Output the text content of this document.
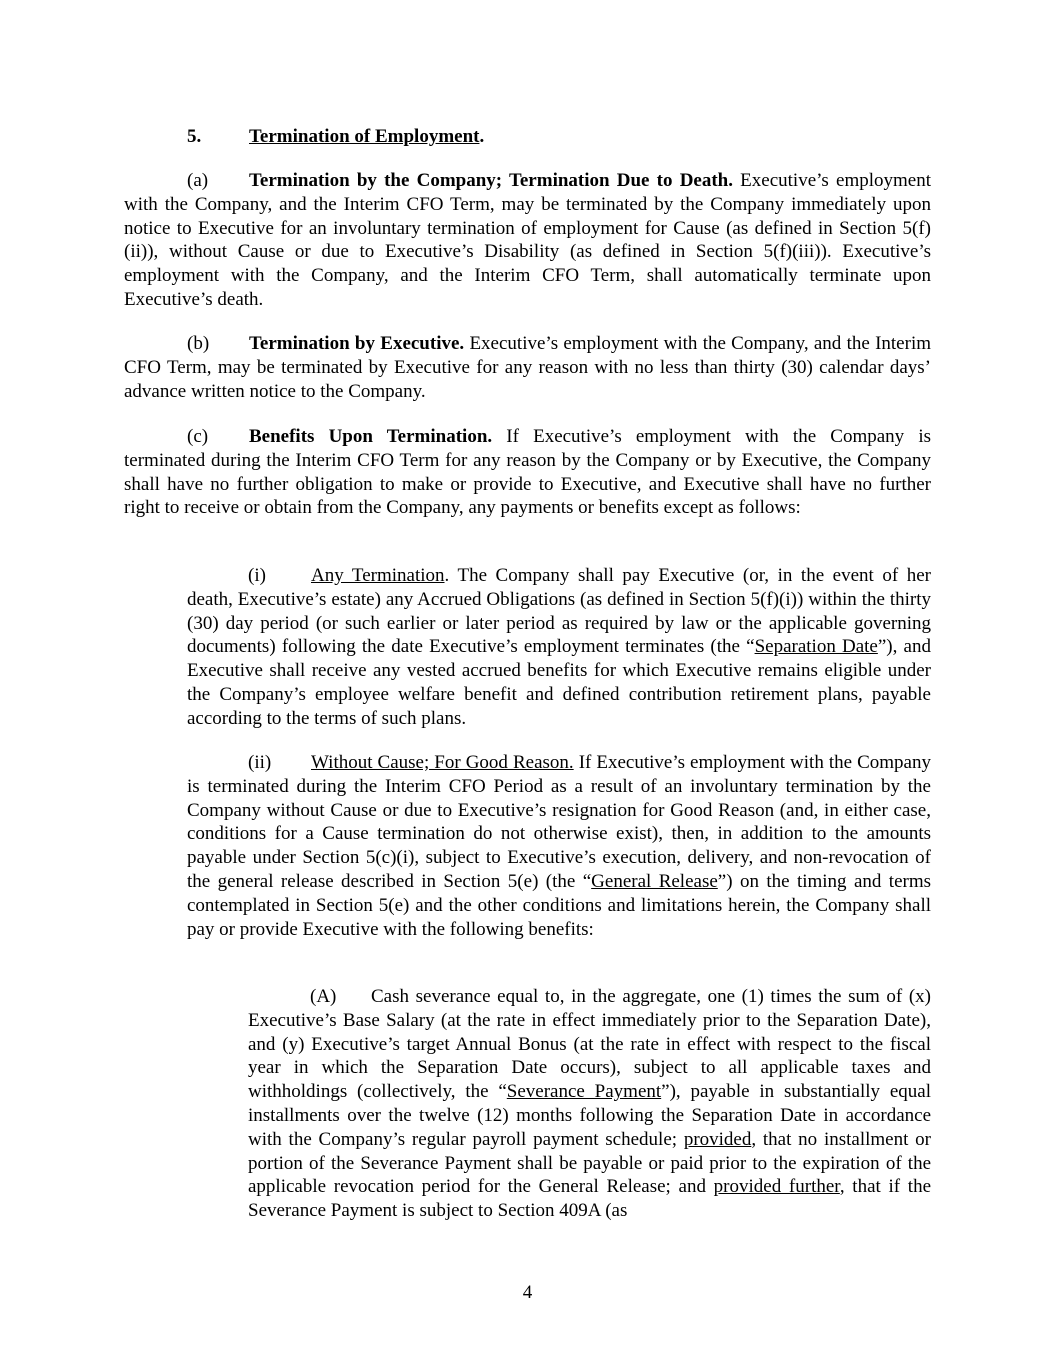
5.	Termination of Employment.

(a) Termination by the Company; Termination Due to Death. Executive’s employment with the Company, and the Interim CFO Term, may be terminated by the Company immediately upon notice to Executive for an involuntary termination of employment for Cause (as defined in Section 5(f)(ii)), without Cause or due to Executive’s Disability (as defined in Section 5(f)(iii)). Executive’s employment with the Company, and the Interim CFO Term, shall automatically terminate upon Executive’s death.

(b) Termination by Executive. Executive’s employment with the Company, and the Interim CFO Term, may be terminated by Executive for any reason with no less than thirty (30) calendar days’ advance written notice to the Company.

(c) Benefits Upon Termination. If Executive’s employment with the Company is terminated during the Interim CFO Term for any reason by the Company or by Executive, the Company shall have no further obligation to make or provide to Executive, and Executive shall have no further right to receive or obtain from the Company, any payments or benefits except as follows:

(i) Any Termination. The Company shall pay Executive (or, in the event of her death, Executive’s estate) any Accrued Obligations (as defined in Section 5(f)(i)) within the thirty (30) day period (or such earlier or later period as required by law or the applicable governing documents) following the date Executive’s employment terminates (the “Separation Date”), and Executive shall receive any vested accrued benefits for which Executive remains eligible under the Company’s employee welfare benefit and defined contribution retirement plans, payable according to the terms of such plans.

(ii) Without Cause; For Good Reason. If Executive’s employment with the Company is terminated during the Interim CFO Period as a result of an involuntary termination by the Company without Cause or due to Executive’s resignation for Good Reason (and, in either case, conditions for a Cause termination do not otherwise exist), then, in addition to the amounts payable under Section 5(c)(i), subject to Executive’s execution, delivery, and non-revocation of the general release described in Section 5(e) (the “General Release”) on the timing and terms contemplated in Section 5(e) and the other conditions and limitations herein, the Company shall pay or provide Executive with the following benefits:

(A) Cash severance equal to, in the aggregate, one (1) times the sum of (x) Executive’s Base Salary (at the rate in effect immediately prior to the Separation Date), and (y) Executive’s target Annual Bonus (at the rate in effect with respect to the fiscal year in which the Separation Date occurs), subject to all applicable taxes and withholdings (collectively, the “Severance Payment”), payable in substantially equal installments over the twelve (12) months following the Separation Date in accordance with the Company’s regular payroll payment schedule; provided, that no installment or portion of the Severance Payment shall be payable or paid prior to the expiration of the applicable revocation period for the General Release; and provided further, that if the Severance Payment is subject to Section 409A (as

4
